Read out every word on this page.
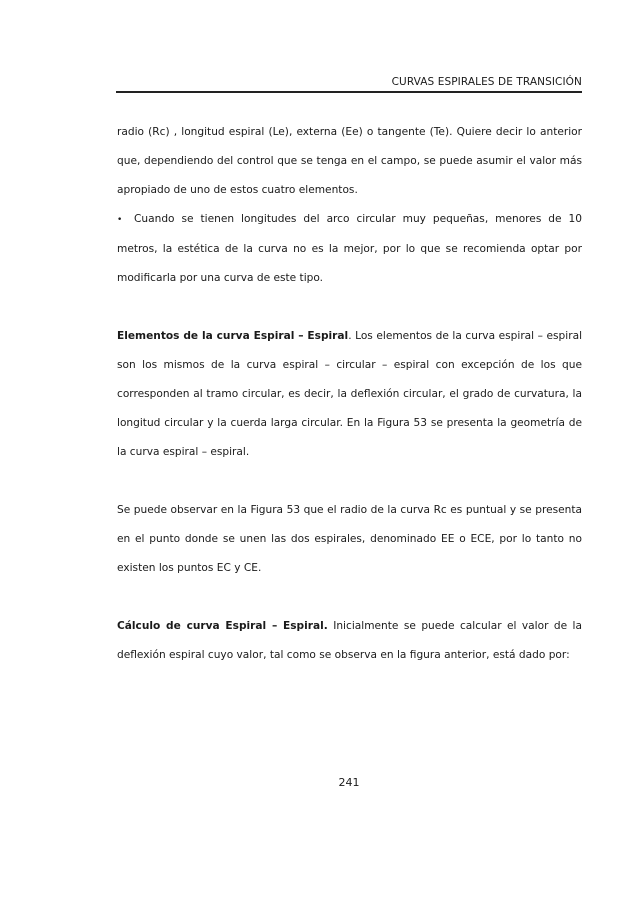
CURVAS ESPIRALES DE TRANSICIÓN

radio (Rc) , longitud espiral (Le), externa (Ee) o tangente (Te). Quiere decir lo anterior que, dependiendo del control que se tenga en el campo, se puede asumir el valor más apropiado de uno de estos cuatro elementos.

• Cuando se tienen longitudes del arco circular muy pequeñas, menores de 10 metros, la estética de la curva no es la mejor, por lo que se recomienda optar por modificarla por una curva de este tipo.

Elementos de la curva Espiral – Espiral. Los elementos de la curva espiral – espiral son los mismos de la curva espiral – circular – espiral con excepción de los que corresponden al tramo circular, es decir, la deflexión circular, el grado de curvatura, la longitud circular y la cuerda larga circular. En la Figura 53 se presenta la geometría de la curva espiral – espiral.

Se puede observar en la Figura 53 que el radio de la curva Rc es puntual y se presenta en el punto donde se unen las dos espirales, denominado EE o ECE, por lo tanto no existen los puntos EC y CE.

Cálculo de curva Espiral – Espiral. Inicialmente se puede calcular el valor de la deflexión espiral cuyo valor, tal como se observa en la figura anterior, está dado por:

241
